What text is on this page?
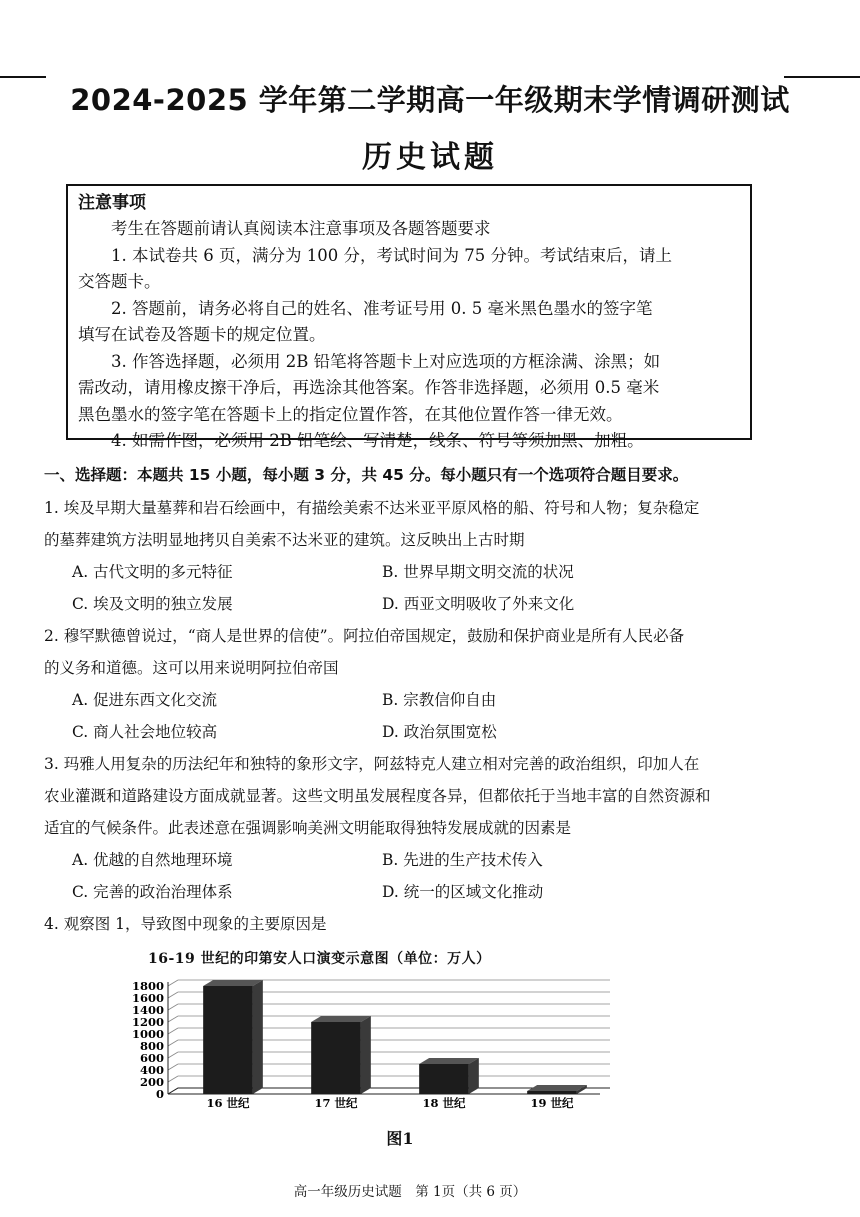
2024-2025 学年第二学期高一年级期末学情调研测试
历史试题
注意事项
考生在答题前请认真阅读本注意事项及各题答题要求
1. 本试卷共 6 页，满分为 100 分，考试时间为 75 分钟。考试结束后，请上
交答题卡。
2. 答题前，请务必将自己的姓名、准考证号用 0. 5 毫米黑色墨水的签字笔
填写在试卷及答题卡的规定位置。
3. 作答选择题，必须用 2B 铅笔将答题卡上对应选项的方框涂满、涂黑；如
需改动，请用橡皮擦干净后，再选涂其他答案。作答非选择题，必须用 0.5 毫米
黑色墨水的签字笔在答题卡上的指定位置作答，在其他位置作答一律无效。
4. 如需作图，必须用 2B 铅笔绘、写清楚，线条、符号等须加黑、加粗。
一、选择题：本题共 15 小题，每小题 3 分，共 45 分。每小题只有一个选项符合题目要求。
1. 埃及早期大量墓葬和岩石绘画中，有描绘美索不达米亚平原风格的船、符号和人物；复杂稳定
的墓葬建筑方法明显地拷贝自美索不达米亚的建筑。这反映出上古时期
A. 古代文明的多元特征	B. 世界早期文明交流的状况
C. 埃及文明的独立发展	D. 西亚文明吸收了外来文化
2. 穆罕默德曾说过，“商人是世界的信使”。阿拉伯帝国规定，鼓励和保护商业是所有人民必备
的义务和道德。这可以用来说明阿拉伯帝国
A. 促进东西文化交流	B. 宗教信仰自由
C. 商人社会地位较高	D. 政治氛围宽松
3. 玛雅人用复杂的历法纪年和独特的象形文字，阿兹特克人建立相对完善的政治组织，印加人在
农业灌溉和道路建设方面成就显著。这些文明虽发展程度各异，但都依托于当地丰富的自然资源和
适宜的气候条件。此表述意在强调影响美洲文明能取得独特发展成就的因素是
A. 优越的自然地理环境	B. 先进的生产技术传入
C. 完善的政治治理体系	D. 统一的区域文化推动
4. 观察图 1，导致图中现象的主要原因是
16-19 世纪的印第安人口演变示意图（单位：万人）
0
200
400
600
800
1000
1200
1400
1600
1800
16 世纪	17 世纪	18 世纪	19 世纪
图1
高一年级历史试题　第 1页（共 6 页）
